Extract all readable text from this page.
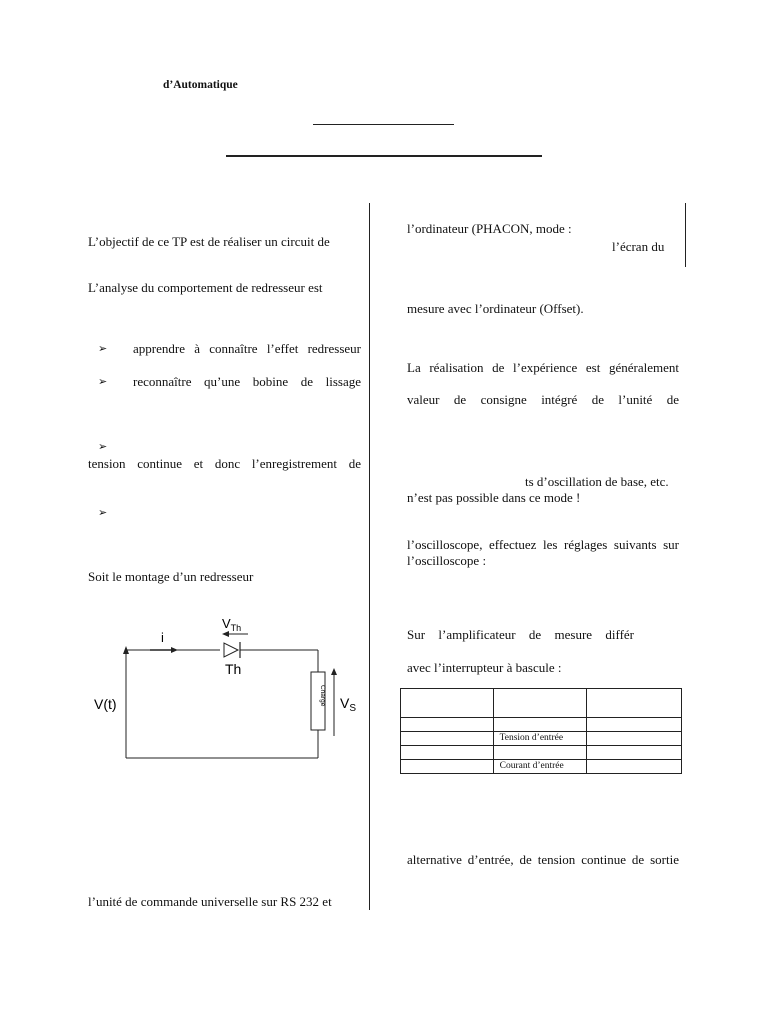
d’Automatique
L’objectif de ce TP est de réaliser un circuit de
L’analyse du comportement de redresseur est
➢ apprendre à connaître l’effet redresseur
➢ reconnaître qu’une bobine de lissage
➢
tension continue et donc l’enregistrement de
➢
Soit le montage d’un redresseur
i
Th
$V_{Th}$
V(t)	Charge $V_S$
l’unité de commande universelle sur RS 232 et
l’ordinateur (PHACON, mode :
l’écran du
mesure avec l’ordinateur (Offset).
La réalisation de l’expérience est généralement
valeur de consigne intégré de l’unité de
ts d’oscillation de base, etc.
n’est pas possible dans ce mode !
l’oscilloscope, effectuez les réglages suivants sur
l’oscilloscope :
Sur l’amplificateur de mesure différ
avec l’interrupteur à bascule :

	Tension d’entrée	

	Courant d’entrée	
alternative d’entrée, de tension continue de sortie
